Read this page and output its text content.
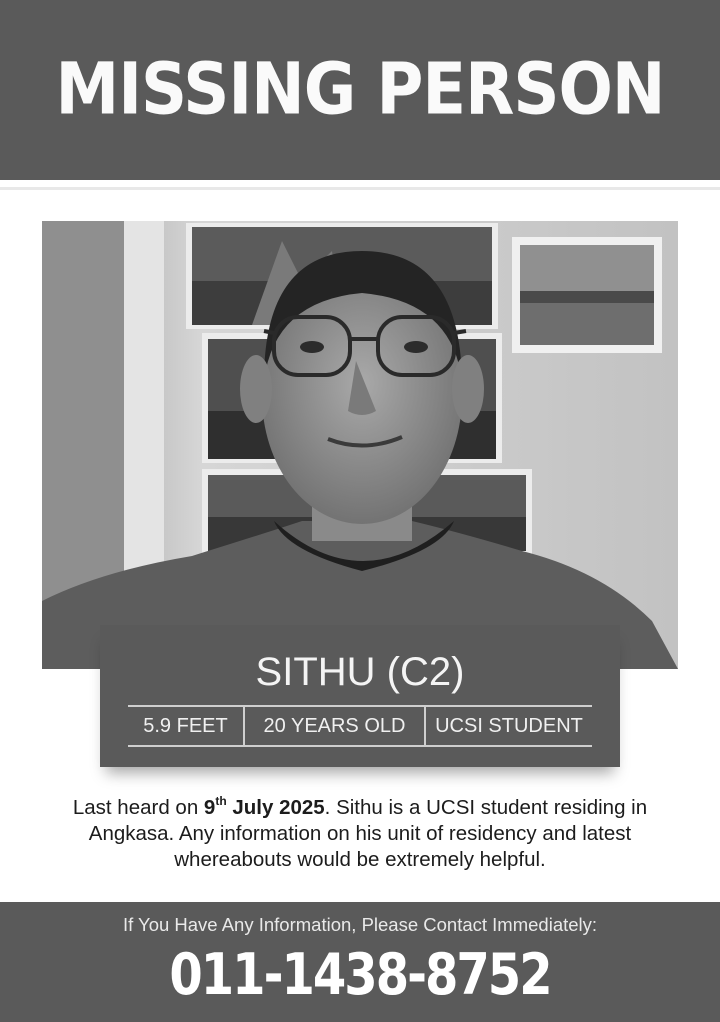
MISSING PERSON
SITHU (C2)
5.9 FEET	20 YEARS OLD	UCSI STUDENT
Last heard on 9th July 2025. Sithu is a UCSI student residing in Angkasa. Any information on his unit of residency and latest whereabouts would be extremely helpful.
If You Have Any Information, Please Contact Immediately:
011-1438-8752
